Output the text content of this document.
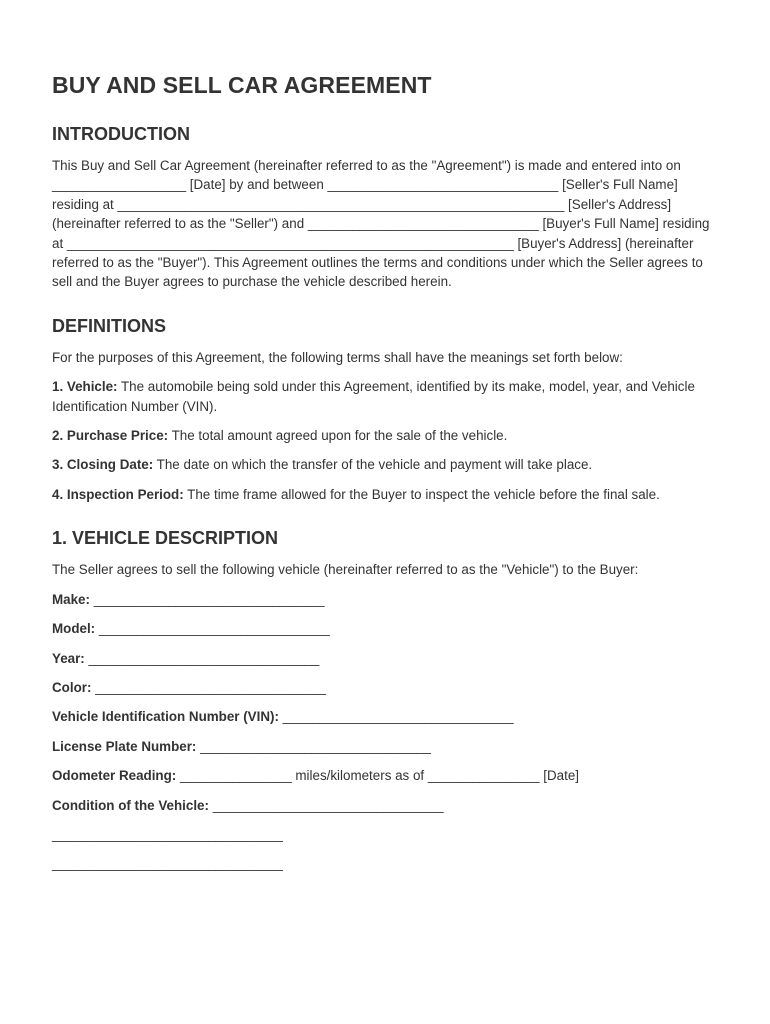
BUY AND SELL CAR AGREEMENT
INTRODUCTION

This Buy and Sell Car Agreement (hereinafter referred to as the "Agreement") is made and entered into on __________________ [Date] by and between _______________________________ [Seller's Full Name] residing at ____________________________________________________________ [Seller's Address] (hereinafter referred to as the "Seller") and _______________________________ [Buyer's Full Name] residing at ____________________________________________________________ [Buyer's Address] (hereinafter referred to as the "Buyer"). This Agreement outlines the terms and conditions under which the Seller agrees to sell and the Buyer agrees to purchase the vehicle described herein.

DEFINITIONS

For the purposes of this Agreement, the following terms shall have the meanings set forth below:

1. Vehicle: The automobile being sold under this Agreement, identified by its make, model, year, and Vehicle Identification Number (VIN).

2. Purchase Price: The total amount agreed upon for the sale of the vehicle.

3. Closing Date: The date on which the transfer of the vehicle and payment will take place.

4. Inspection Period: The time frame allowed for the Buyer to inspect the vehicle before the final sale.

1. VEHICLE DESCRIPTION

The Seller agrees to sell the following vehicle (hereinafter referred to as the "Vehicle") to the Buyer:

Make: _______________________________

Model: _______________________________

Year: _______________________________

Color: _______________________________

Vehicle Identification Number (VIN): _______________________________

License Plate Number: _______________________________

Odometer Reading: _______________ miles/kilometers as of _______________ [Date]

Condition of the Vehicle: _______________________________

_______________________________

_______________________________
